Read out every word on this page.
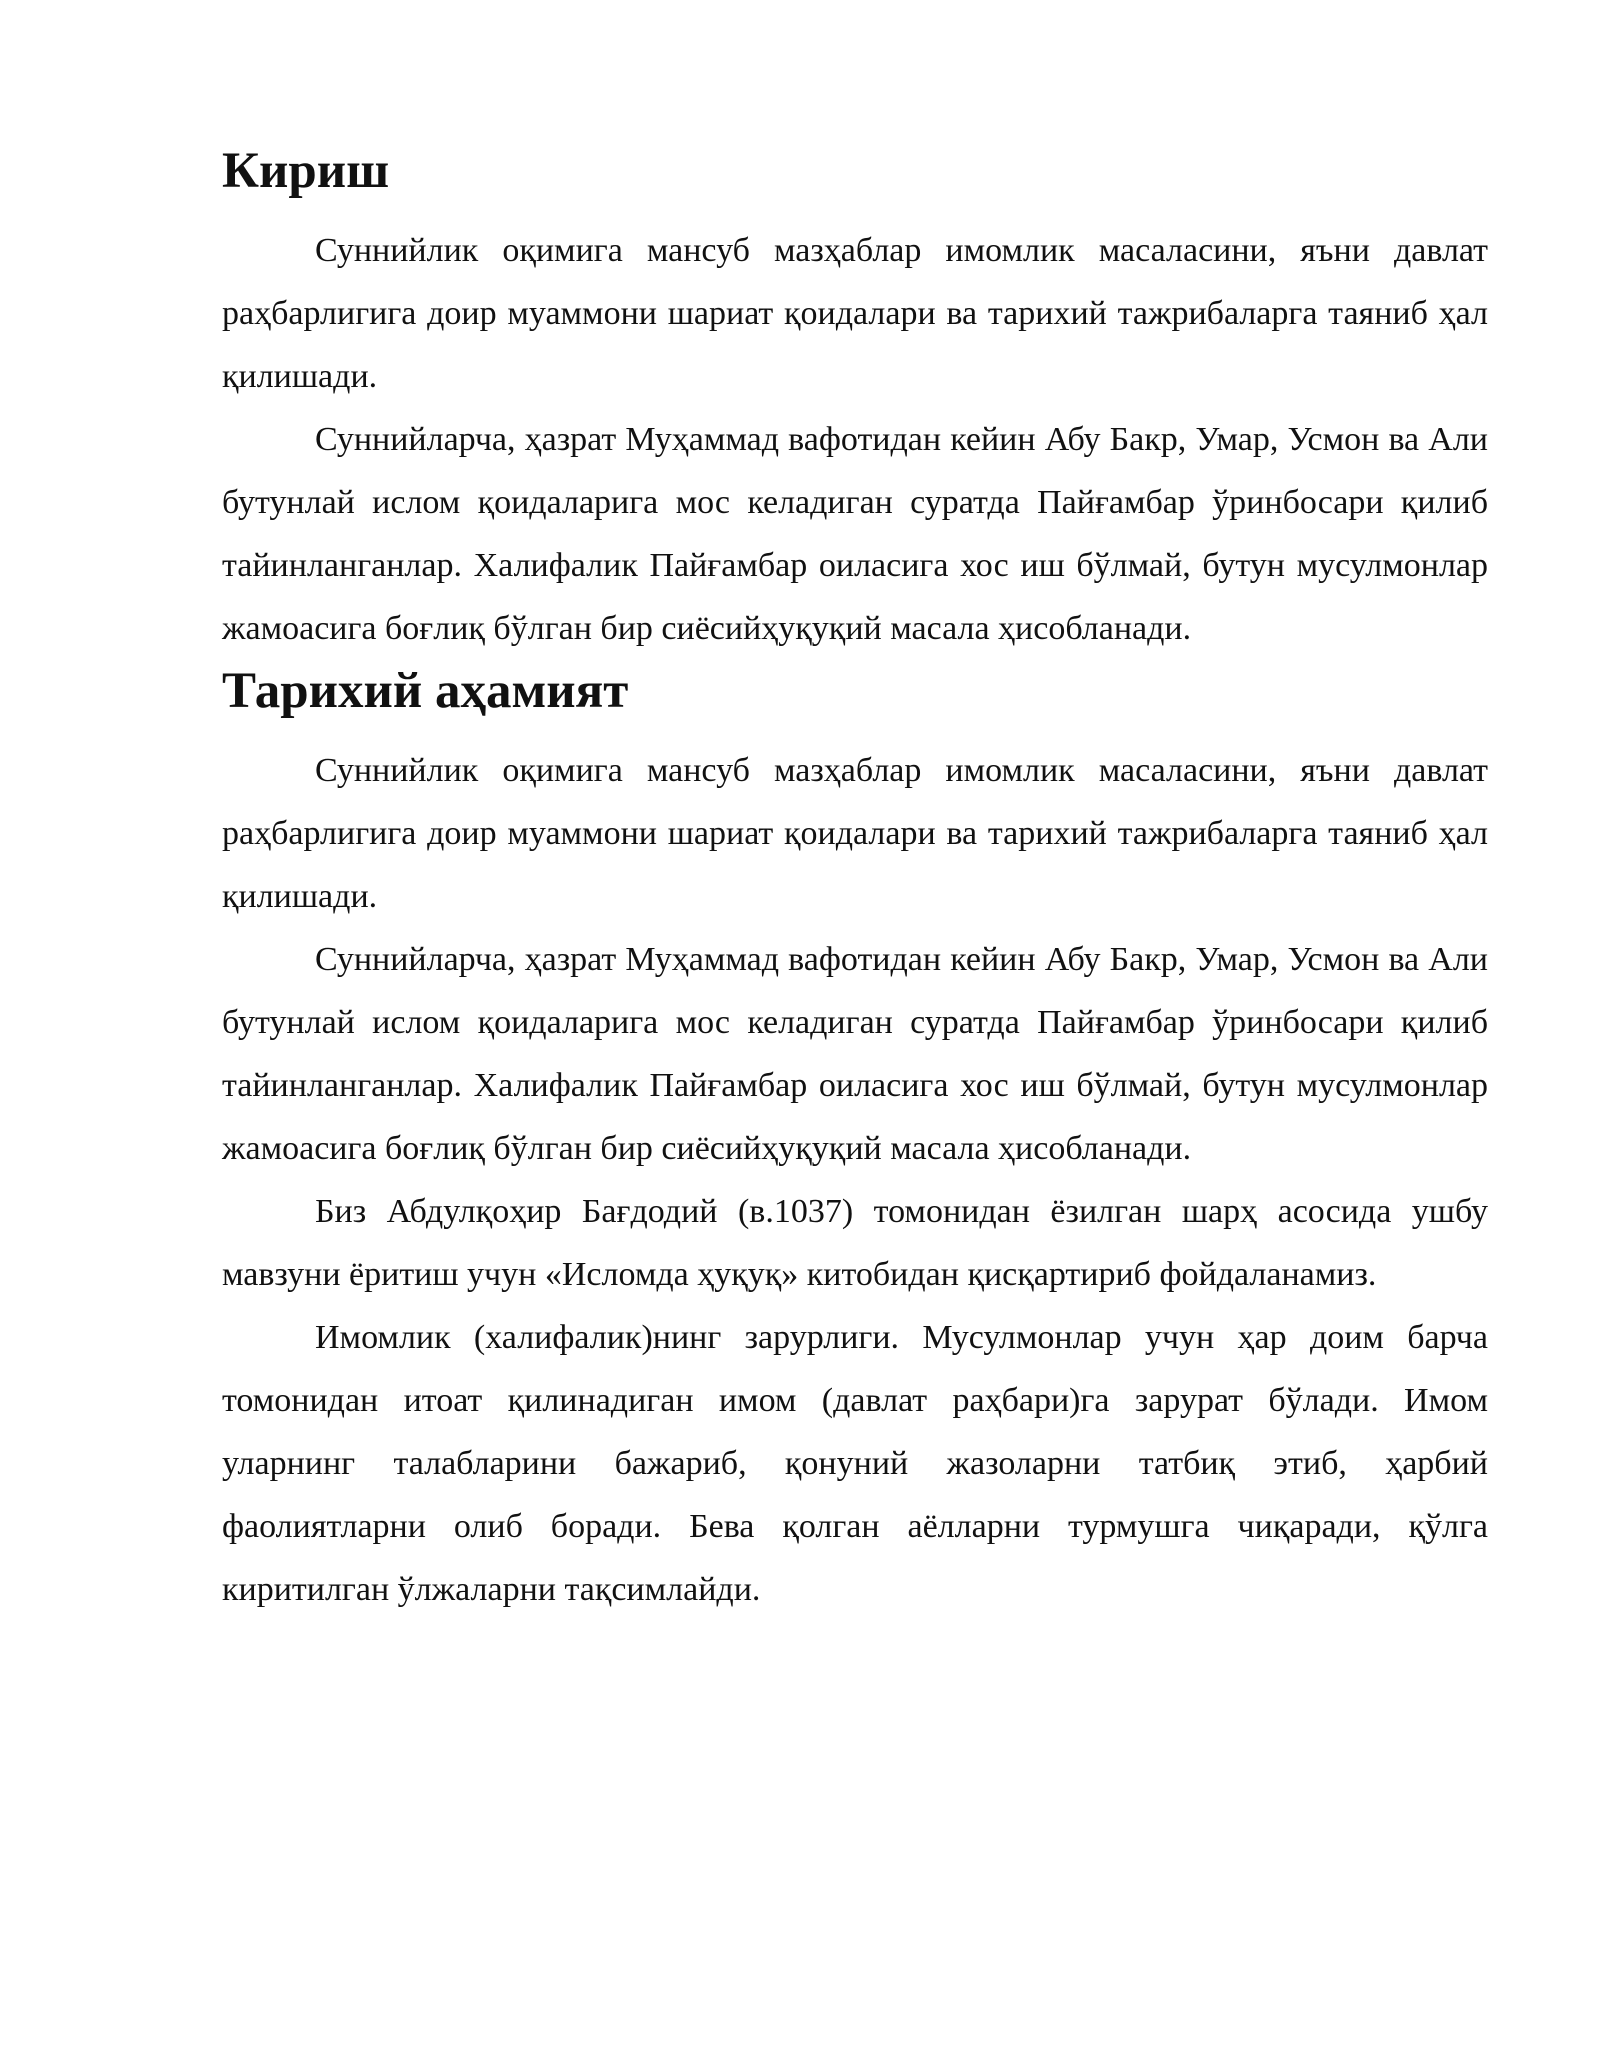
Кириш

Суннийлик оқимига мансуб мазҳаблар имомлик масаласини, яъни давлат раҳбарлигига доир муаммони шариат қоидалари ва тарихий тажрибаларга таяниб ҳал қилишади.

Суннийларча, ҳазрат Муҳаммад вафотидан кейин Абу Бакр, Умар, Усмон ва Али бутунлай ислом қоидаларига мос келадиган суратда Пайғамбар ўринбосари қилиб тайинланганлар. Халифалик Пайғамбар оиласига хос иш бўлмай, бутун мусулмонлар жамоасига боғлиқ бўлган бир сиёсийҳуқуқий масала ҳисобланади.

Тарихий аҳамият

Суннийлик оқимига мансуб мазҳаблар имомлик масаласини, яъни давлат раҳбарлигига доир муаммони шариат қоидалари ва тарихий тажрибаларга таяниб ҳал қилишади.

Суннийларча, ҳазрат Муҳаммад вафотидан кейин Абу Бакр, Умар, Усмон ва Али бутунлай ислом қоидаларига мос келадиган суратда Пайғамбар ўринбосари қилиб тайинланганлар. Халифалик Пайғамбар оиласига хос иш бўлмай, бутун мусулмонлар жамоасига боғлиқ бўлган бир сиёсийҳуқуқий масала ҳисобланади.

Биз Абдулқоҳир Бағдодий (в.1037) томонидан ёзилган шарҳ асосида ушбу мавзуни ёритиш учун «Исломда ҳуқуқ» китобидан қисқартириб фойдаланамиз.

Имомлик (халифалик)нинг зарурлиги. Мусулмонлар учун ҳар доим барча томонидан итоат қилинадиган имом (давлат раҳбари)га зарурат бўлади. Имом уларнинг талабларини бажариб, қонуний жазоларни татбиқ этиб, ҳарбий фаолиятларни олиб боради. Бева қолган аёлларни турмушга чиқаради, қўлга киритилган ўлжаларни тақсимлайди.
